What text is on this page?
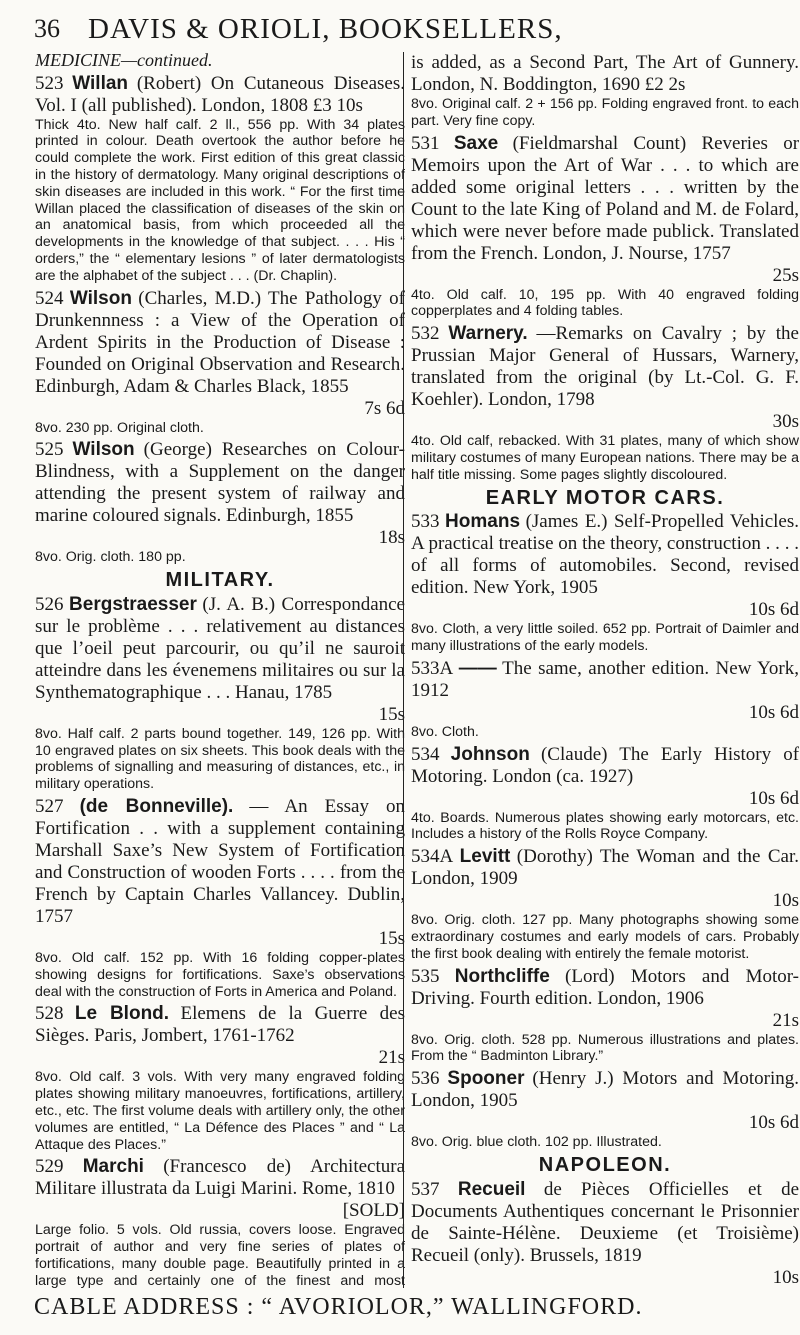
36 DAVIS & ORIOLI, BOOKSELLERS,
MEDICINE—continued.
523 Willan (Robert) On Cutaneous Diseases. Vol. I (all published). London, 1808 £3 10s
Thick 4to. New half calf. 2 ll., 556 pp. With 34 plates printed in colour. Death overtook the author before he could complete the work. First edition of this great classic in the history of dermatology. Many original descriptions of skin diseases are included in this work. “ For the first time Willan placed the classification of diseases of the skin on an anatomical basis, from which proceeded all the developments in the knowledge of that subject. . . . His “ orders,” the “ elementary lesions ” of later dermatologists are the alphabet of the subject . . . (Dr. Chaplin).
524 Wilson (Charles, M.D.) The Pathology of Drunkennness : a View of the Operation of Ardent Spirits in the Production of Disease : Founded on Original Observation and Research. Edinburgh, Adam & Charles Black, 1855
7s 6d
8vo. 230 pp. Original cloth.
525 Wilson (George) Researches on Colour-Blindness, with a Supplement on the danger attending the present system of railway and marine coloured signals. Edinburgh, 1855
18s
8vo. Orig. cloth. 180 pp.
MILITARY.
526 Bergstraesser (J. A. B.) Correspondance sur le problème . . . relativement au distances que l’oeil peut parcourir, ou qu’il ne sauroit atteindre dans les évenemens militaires ou sur la Synthematographique . . . Hanau, 1785
15s
8vo. Half calf. 2 parts bound together. 149, 126 pp. With 10 engraved plates on six sheets. This book deals with the problems of signalling and measuring of distances, etc., in military operations.
527 (de Bonneville). — An Essay on Fortification . . with a supplement containing Marshall Saxe’s New System of Fortification and Construction of wooden Forts . . . . from the French by Captain Charles Vallancey. Dublin, 1757
15s
8vo. Old calf. 152 pp. With 16 folding copper-plates showing designs for fortifications. Saxe’s observations deal with the construction of Forts in America and Poland.
528 Le Blond. Elemens de la Guerre des Sièges. Paris, Jombert, 1761-1762
21s
8vo. Old calf. 3 vols. With very many engraved folding plates showing military manoeuvres, fortifications, artillery, etc., etc. The first volume deals with artillery only, the other volumes are entitled, “ La Défence des Places ” and “ La Attaque des Places.”
529 Marchi (Francesco de) Architectura Militare illustrata da Luigi Marini. Rome, 1810
[SOLD]
Large folio. 5 vols. Old russia, covers loose. Engraved portrait of author and very fine series of plates of fortifications, many double page. Beautifully printed in a large type and certainly one of the finest and most
is added, as a Second Part, The Art of Gunnery. London, N. Boddington, 1690 £2 2s
8vo. Original calf. 2 + 156 pp. Folding engraved front. to each part. Very fine copy.
531 Saxe (Fieldmarshal Count) Reveries or Memoirs upon the Art of War . . . to which are added some original letters . . . written by the Count to the late King of Poland and M. de Folard, which were never before made publick. Translated from the French. London, J. Nourse, 1757
25s
4to. Old calf. 10, 195 pp. With 40 engraved folding copperplates and 4 folding tables.
532 Warnery. —Remarks on Cavalry ; by the Prussian Major General of Hussars, Warnery, translated from the original (by Lt.-Col. G. F. Koehler). London, 1798
30s
4to. Old calf, rebacked. With 31 plates, many of which show military costumes of many European nations. There may be a half title missing. Some pages slightly discoloured.
EARLY MOTOR CARS.
533 Homans (James E.) Self-Propelled Vehicles. A practical treatise on the theory, construction . . . . of all forms of automobiles. Second, revised edition. New York, 1905
10s 6d
8vo. Cloth, a very little soiled. 652 pp. Portrait of Daimler and many illustrations of the early models.
533A —— The same, another edition. New York, 1912
10s 6d
8vo. Cloth.
534 Johnson (Claude) The Early History of Motoring. London (ca. 1927)
10s 6d
4to. Boards. Numerous plates showing early motorcars, etc. Includes a history of the Rolls Royce Company.
534A Levitt (Dorothy) The Woman and the Car. London, 1909
10s
8vo. Orig. cloth. 127 pp. Many photographs showing some extraordinary costumes and early models of cars. Probably the first book dealing with entirely the female motorist.
535 Northcliffe (Lord) Motors and Motor-Driving. Fourth edition. London, 1906
21s
8vo. Orig. cloth. 528 pp. Numerous illustrations and plates. From the “ Badminton Library.”
536 Spooner (Henry J.) Motors and Motoring. London, 1905
10s 6d
8vo. Orig. blue cloth. 102 pp. Illustrated.
NAPOLEON.
537 Recueil de Pièces Officielles et de Documents Authentiques concernant le Prisonnier de Sainte-Hélène. Deuxieme (et Troisième) Recueil (only). Brussels, 1819
10s
CABLE ADDRESS : “ AVORIOLOR,” WALLINGFORD.
